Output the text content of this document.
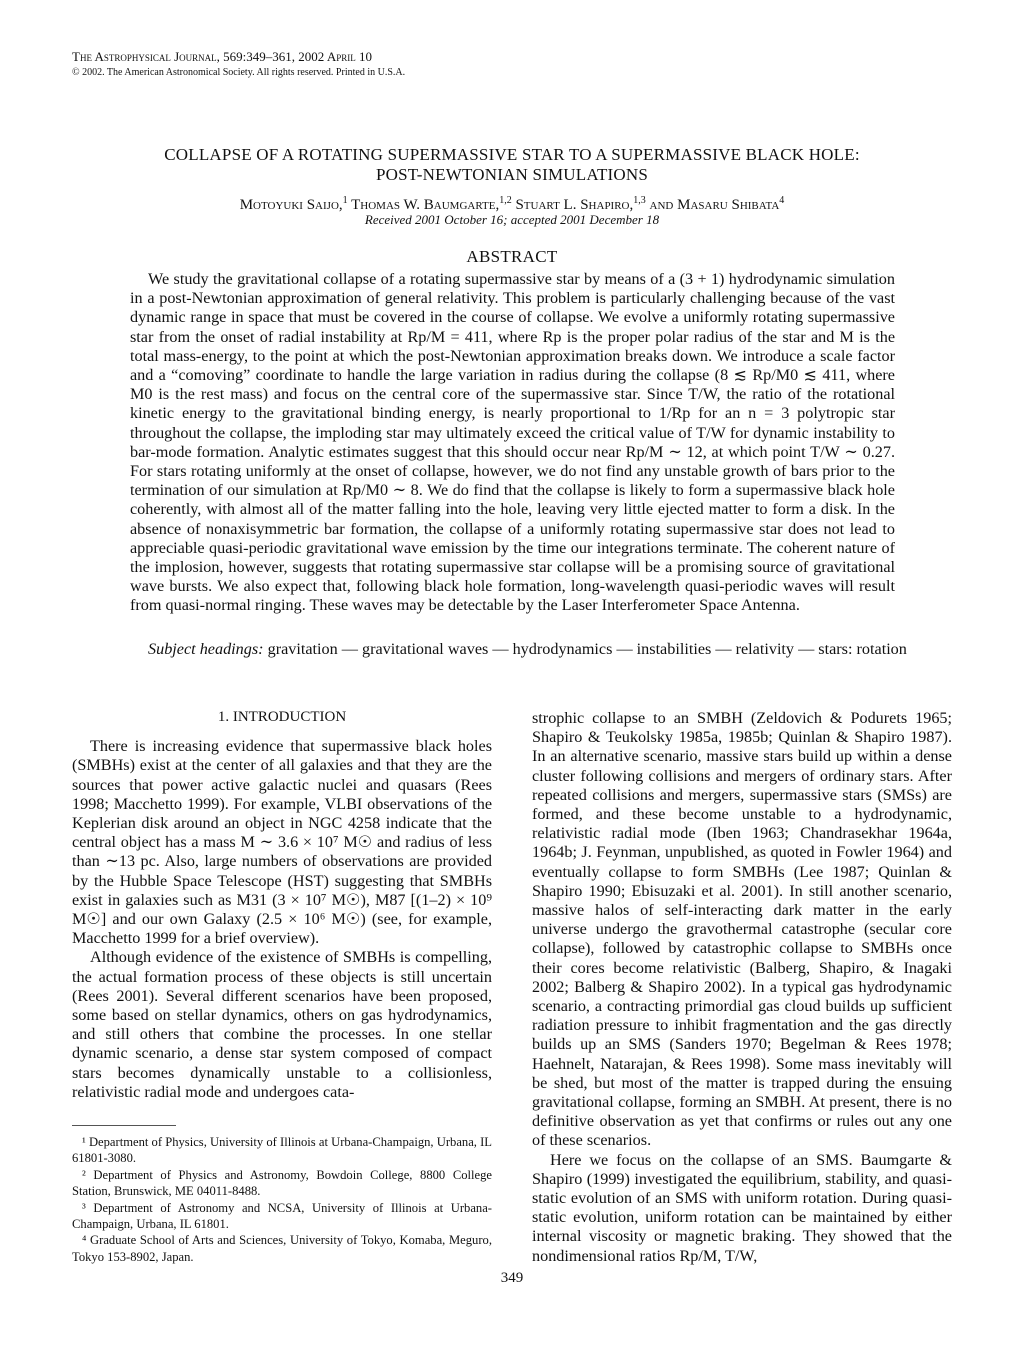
The Astrophysical Journal, 569:349–361, 2002 April 10
© 2002. The American Astronomical Society. All rights reserved. Printed in U.S.A.
COLLAPSE OF A ROTATING SUPERMASSIVE STAR TO A SUPERMASSIVE BLACK HOLE:
POST-NEWTONIAN SIMULATIONS
Motoyuki Saijo,$^1$ Thomas W. Baumgarte,$^{1,2}$ Stuart L. Shapiro,$^{1,3}$ and Masaru Shibata$^4$
Received 2001 October 16; accepted 2001 December 18
ABSTRACT

We study the gravitational collapse of a rotating supermassive star by means of a (3 + 1) hydrodynamic simulation in a post-Newtonian approximation of general relativity. This problem is particularly challenging because of the vast dynamic range in space that must be covered in the course of collapse. We evolve a uniformly rotating supermassive star from the onset of radial instability at Rp/M = 411, where Rp is the proper polar radius of the star and M is the total mass-energy, to the point at which the post-Newtonian approximation breaks down. We introduce a scale factor and a “comoving” coordinate to handle the large variation in radius during the collapse (8 ≲ Rp/M0 ≲ 411, where M0 is the rest mass) and focus on the central core of the supermassive star. Since T/W, the ratio of the rotational kinetic energy to the gravitational binding energy, is nearly proportional to 1/Rp for an n = 3 polytropic star throughout the collapse, the imploding star may ultimately exceed the critical value of T/W for dynamic instability to bar-mode formation. Analytic estimates suggest that this should occur near Rp/M ∼ 12, at which point T/W ∼ 0.27. For stars rotating uniformly at the onset of collapse, however, we do not find any unstable growth of bars prior to the termination of our simulation at Rp/M0 ∼ 8. We do find that the collapse is likely to form a supermassive black hole coherently, with almost all of the matter falling into the hole, leaving very little ejected matter to form a disk. In the absence of nonaxisymmetric bar formation, the collapse of a uniformly rotating supermassive star does not lead to appreciable quasi-periodic gravitational wave emission by the time our integrations terminate. The coherent nature of the implosion, however, suggests that rotating supermassive star collapse will be a promising source of gravitational wave bursts. We also expect that, following black hole formation, long-wavelength quasi-periodic waves will result from quasi-normal ringing. These waves may be detectable by the Laser Interferometer Space Antenna.

Subject headings: gravitation — gravitational waves — hydrodynamics — instabilities — relativity — stars: rotation
1. INTRODUCTION

There is increasing evidence that supermassive black holes (SMBHs) exist at the center of all galaxies and that they are the sources that power active galactic nuclei and quasars (Rees 1998; Macchetto 1999). For example, VLBI observations of the Keplerian disk around an object in NGC 4258 indicate that the central object has a mass M ∼ 3.6 × 10⁷ M☉ and radius of less than ∼13 pc. Also, large numbers of observations are provided by the Hubble Space Telescope (HST) suggesting that SMBHs exist in galaxies such as M31 (3 × 10⁷ M☉), M87 [(1–2) × 10⁹ M☉] and our own Galaxy (2.5 × 10⁶ M☉) (see, for example, Macchetto 1999 for a brief overview).

Although evidence of the existence of SMBHs is compelling, the actual formation process of these objects is still uncertain (Rees 2001). Several different scenarios have been proposed, some based on stellar dynamics, others on gas hydrodynamics, and still others that combine the processes. In one stellar dynamic scenario, a dense star system composed of compact stars becomes dynamically unstable to a collisionless, relativistic radial mode and undergoes cata-

strophic collapse to an SMBH (Zeldovich & Podurets 1965; Shapiro & Teukolsky 1985a, 1985b; Quinlan & Shapiro 1987). In an alternative scenario, massive stars build up within a dense cluster following collisions and mergers of ordinary stars. After repeated collisions and mergers, supermassive stars (SMSs) are formed, and these become unstable to a hydrodynamic, relativistic radial mode (Iben 1963; Chandrasekhar 1964a, 1964b; J. Feynman, unpublished, as quoted in Fowler 1964) and eventually collapse to form SMBHs (Lee 1987; Quinlan & Shapiro 1990; Ebisuzaki et al. 2001). In still another scenario, massive halos of self-interacting dark matter in the early universe undergo the gravothermal catastrophe (secular core collapse), followed by catastrophic collapse to SMBHs once their cores become relativistic (Balberg, Shapiro, & Inagaki 2002; Balberg & Shapiro 2002). In a typical gas hydrodynamic scenario, a contracting primordial gas cloud builds up sufficient radiation pressure to inhibit fragmentation and the gas directly builds up an SMS (Sanders 1970; Begelman & Rees 1978; Haehnelt, Natarajan, & Rees 1998). Some mass inevitably will be shed, but most of the matter is trapped during the ensuing gravitational collapse, forming an SMBH. At present, there is no definitive observation as yet that confirms or rules out any one of these scenarios.

Here we focus on the collapse of an SMS. Baumgarte & Shapiro (1999) investigated the equilibrium, stability, and quasi-static evolution of an SMS with uniform rotation. During quasi-static evolution, uniform rotation can be maintained by either internal viscosity or magnetic braking. They showed that the nondimensional ratios Rp/M, T/W,

¹ Department of Physics, University of Illinois at Urbana-Champaign, Urbana, IL 61801-3080.

² Department of Physics and Astronomy, Bowdoin College, 8800 College Station, Brunswick, ME 04011-8488.

³ Department of Astronomy and NCSA, University of Illinois at Urbana-Champaign, Urbana, IL 61801.

⁴ Graduate School of Arts and Sciences, University of Tokyo, Komaba, Meguro, Tokyo 153-8902, Japan.

349
